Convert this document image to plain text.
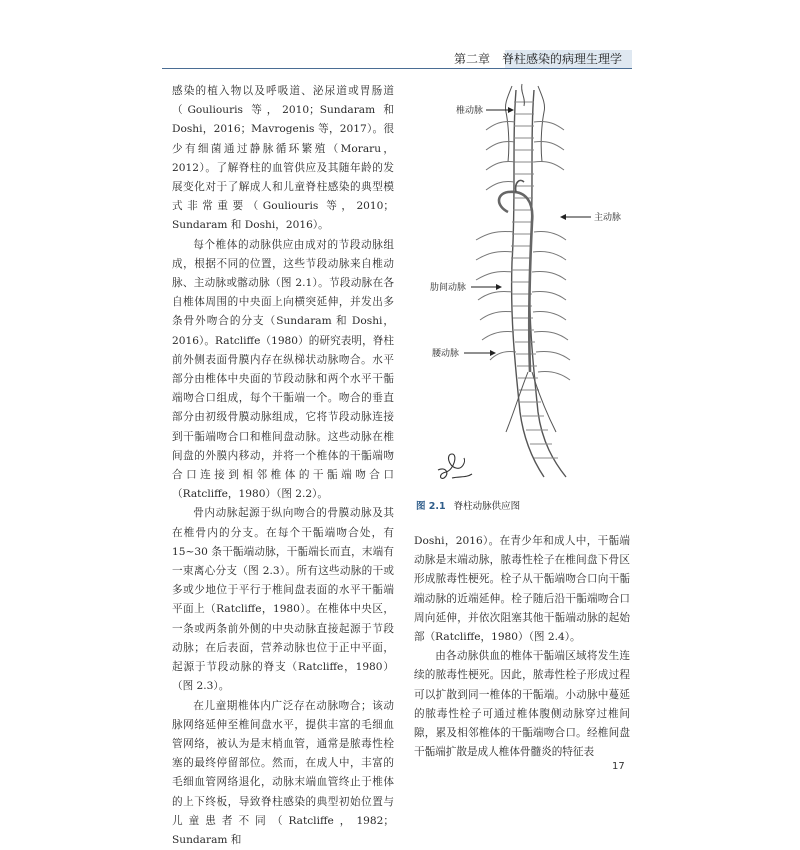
第二章　脊柱感染的病理生理学

感染的植入物以及呼吸道、泌尿道或胃肠道（Gouliouris 等，2010；Sundaram 和 Doshi，2016；Mavrogenis 等，2017）。很少有细菌通过静脉循环繁殖（Moraru，2012）。了解脊柱的血管供应及其随年龄的发展变化对于了解成人和儿童脊柱感染的典型模式非常重要（Gouliouris 等，2010；Sundaram 和 Doshi，2016）。

每个椎体的动脉供应由成对的节段动脉组成，根据不同的位置，这些节段动脉来自椎动脉、主动脉或髂动脉（图 2.1）。节段动脉在各自椎体周围的中央面上向横突延伸，并发出多条骨外吻合的分支（Sundaram 和 Doshi，2016）。Ratcliffe（1980）的研究表明，脊柱前外侧表面骨膜内存在纵梯状动脉吻合。水平部分由椎体中央面的节段动脉和两个水平干骺端吻合口组成，每个干骺端一个。吻合的垂直部分由初级骨膜动脉组成，它将节段动脉连接到干骺端吻合口和椎间盘动脉。这些动脉在椎间盘的外膜内移动，并将一个椎体的干骺端吻合口连接到相邻椎体的干骺端吻合口（Ratcliffe，1980）（图 2.2）。

骨内动脉起源于纵向吻合的骨膜动脉及其在椎骨内的分支。在每个干骺端吻合处，有 15~30 条干骺端动脉，干骺端长而直，末端有一束离心分支（图 2.3）。所有这些动脉的干或多或少地位于平行于椎间盘表面的水平干骺端平面上（Ratcliffe，1980）。在椎体中央区，一条或两条前外侧的中央动脉直接起源于节段动脉；在后表面，营养动脉也位于正中平面，起源于节段动脉的脊支（Ratcliffe，1980）（图 2.3）。

在儿童期椎体内广泛存在动脉吻合；该动脉网络延伸至椎间盘水平，提供丰富的毛细血管网络，被认为是末梢血管，通常是脓毒性栓塞的最终停留部位。然而，在成人中，丰富的毛细血管网络退化，动脉末端血管终止于椎体的上下终板，导致脊柱感染的典型初始位置与儿童患者不同（Ratcliffe，1982；Sundaram 和

椎动脉
主动脉
肋间动脉
腰动脉
图 2.1 脊柱动脉供应图

Doshi，2016）。在青少年和成人中，干骺端动脉是末端动脉，脓毒性栓子在椎间盘下骨区形成脓毒性梗死。栓子从干骺端吻合口向干骺端动脉的近端延伸。栓子随后沿干骺端吻合口周向延伸，并依次阻塞其他干骺端动脉的起始部（Ratcliffe，1980）（图 2.4）。

由各动脉供血的椎体干骺端区域将发生连续的脓毒性梗死。因此，脓毒性栓子形成过程可以扩散到同一椎体的干骺端。小动脉中蔓延的脓毒性栓子可通过椎体腹侧动脉穿过椎间隙，累及相邻椎体的干骺端吻合口。经椎间盘干骺端扩散是成人椎体骨髓炎的特征表

17
